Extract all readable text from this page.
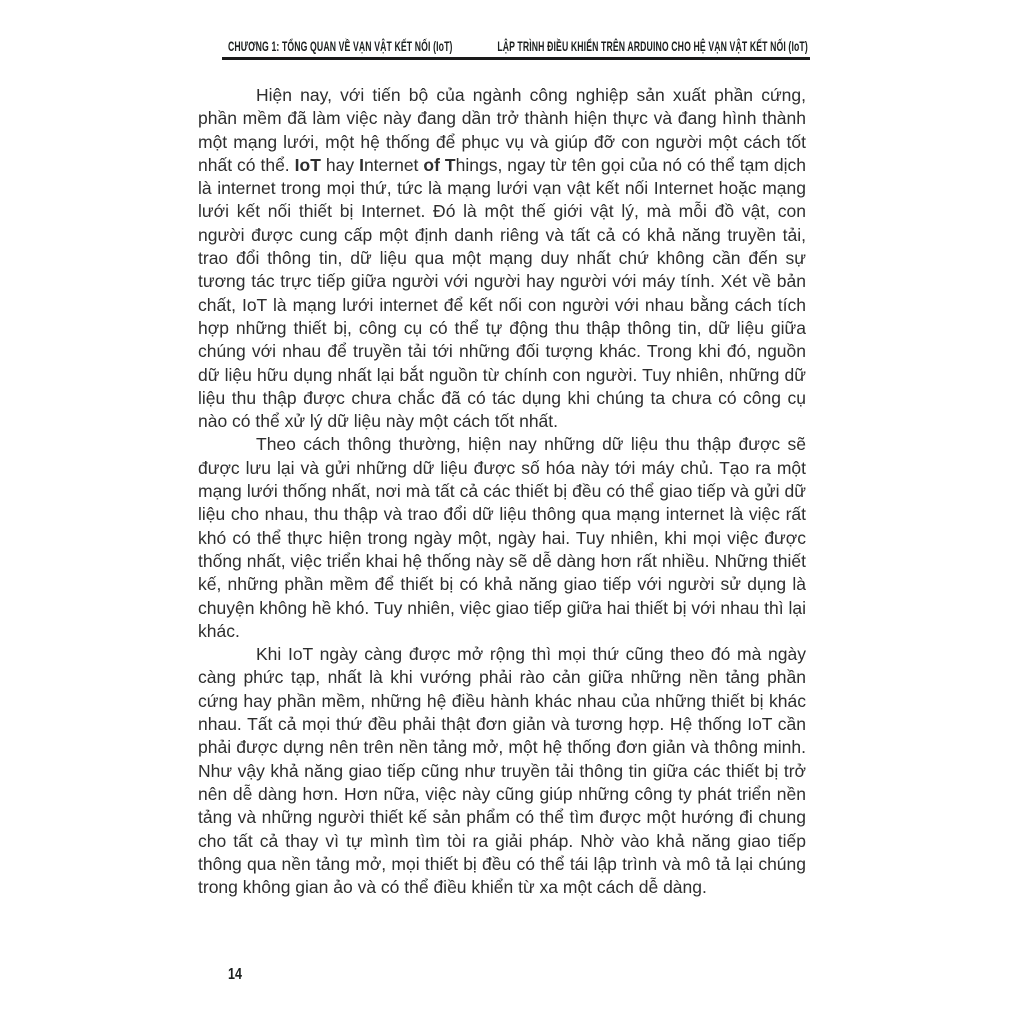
CHƯƠNG 1: TỔNG QUAN VỀ VẠN VẬT KẾT NỐI (IoT)	LẬP TRÌNH ĐIỀU KHIỂN TRÊN ARDUINO CHO HỆ VẠN VẬT KẾT NỐI (IoT)

Hiện nay, với tiến bộ của ngành công nghiệp sản xuất phần cứng, phần mềm đã làm việc này đang dần trở thành hiện thực và đang hình thành một mạng lưới, một hệ thống để phục vụ và giúp đỡ con người một cách tốt nhất có thể. IoT hay Internet of Things, ngay từ tên gọi của nó có thể tạm dịch là internet trong mọi thứ, tức là mạng lưới vạn vật kết nối Internet hoặc mạng lưới kết nối thiết bị Internet. Đó là một thế giới vật lý, mà mỗi đồ vật, con người được cung cấp một định danh riêng và tất cả có khả năng truyền tải, trao đổi thông tin, dữ liệu qua một mạng duy nhất chứ không cần đến sự tương tác trực tiếp giữa người với người hay người với máy tính. Xét về bản chất, IoT là mạng lưới internet để kết nối con người với nhau bằng cách tích hợp những thiết bị, công cụ có thể tự động thu thập thông tin, dữ liệu giữa chúng với nhau để truyền tải tới những đối tượng khác. Trong khi đó, nguồn dữ liệu hữu dụng nhất lại bắt nguồn từ chính con người. Tuy nhiên, những dữ liệu thu thập được chưa chắc đã có tác dụng khi chúng ta chưa có công cụ nào có thể xử lý dữ liệu này một cách tốt nhất.

Theo cách thông thường, hiện nay những dữ liệu thu thập được sẽ được lưu lại và gửi những dữ liệu được số hóa này tới máy chủ. Tạo ra một mạng lưới thống nhất, nơi mà tất cả các thiết bị đều có thể giao tiếp và gửi dữ liệu cho nhau, thu thập và trao đổi dữ liệu thông qua mạng internet là việc rất khó có thể thực hiện trong ngày một, ngày hai. Tuy nhiên, khi mọi việc được thống nhất, việc triển khai hệ thống này sẽ dễ dàng hơn rất nhiều. Những thiết kế, những phần mềm để thiết bị có khả năng giao tiếp với người sử dụng là chuyện không hề khó. Tuy nhiên, việc giao tiếp giữa hai thiết bị với nhau thì lại khác.

Khi IoT ngày càng được mở rộng thì mọi thứ cũng theo đó mà ngày càng phức tạp, nhất là khi vướng phải rào cản giữa những nền tảng phần cứng hay phần mềm, những hệ điều hành khác nhau của những thiết bị khác nhau. Tất cả mọi thứ đều phải thật đơn giản và tương hợp. Hệ thống IoT cần phải được dựng nên trên nền tảng mở, một hệ thống đơn giản và thông minh. Như vậy khả năng giao tiếp cũng như truyền tải thông tin giữa các thiết bị trở nên dễ dàng hơn. Hơn nữa, việc này cũng giúp những công ty phát triển nền tảng và những người thiết kế sản phẩm có thể tìm được một hướng đi chung cho tất cả thay vì tự mình tìm tòi ra giải pháp. Nhờ vào khả năng giao tiếp thông qua nền tảng mở, mọi thiết bị đều có thể tái lập trình và mô tả lại chúng trong không gian ảo và có thể điều khiển từ xa một cách dễ dàng.

14
